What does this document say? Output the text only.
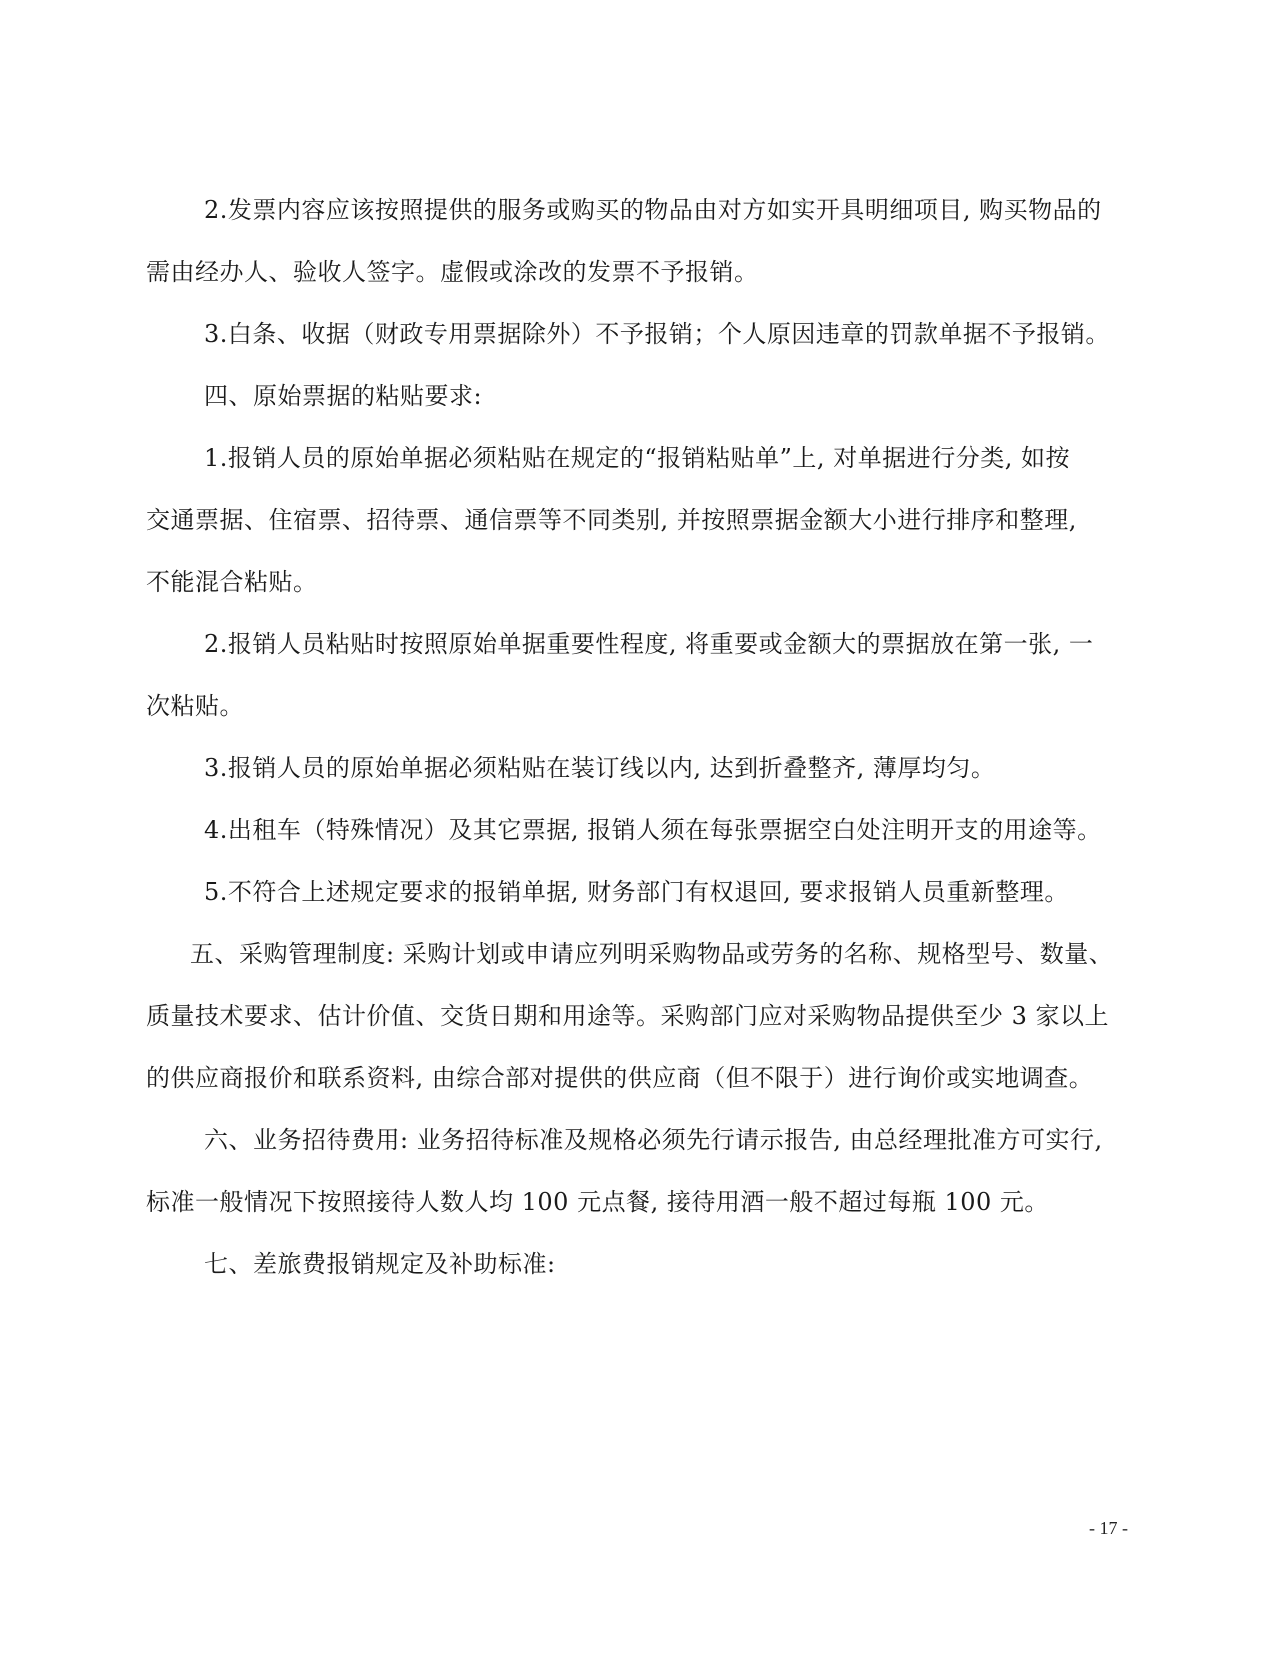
2.发票内容应该按照提供的服务或购买的物品由对方如实开具明细项目, 购买物品的
需由经办人、验收人签字。虚假或涂改的发票不予报销。
3.白条、收据（财政专用票据除外）不予报销；个人原因违章的罚款单据不予报销。
四、原始票据的粘贴要求:
1.报销人员的原始单据必须粘贴在规定的“报销粘贴单”上, 对单据进行分类, 如按
交通票据、住宿票、招待票、通信票等不同类别, 并按照票据金额大小进行排序和整理,
不能混合粘贴。
2.报销人员粘贴时按照原始单据重要性程度, 将重要或金额大的票据放在第一张, 一
次粘贴。
3.报销人员的原始单据必须粘贴在装订线以内, 达到折叠整齐, 薄厚均匀。
4.出租车（特殊情况）及其它票据, 报销人须在每张票据空白处注明开支的用途等。
5.不符合上述规定要求的报销单据, 财务部门有权退回, 要求报销人员重新整理。
五、采购管理制度: 采购计划或申请应列明采购物品或劳务的名称、规格型号、数量、
质量技术要求、估计价值、交货日期和用途等。采购部门应对采购物品提供至少 3 家以上
的供应商报价和联系资料, 由综合部对提供的供应商（但不限于）进行询价或实地调查。
六、业务招待费用: 业务招待标准及规格必须先行请示报告, 由总经理批准方可实行,
标准一般情况下按照接待人数人均 100 元点餐, 接待用酒一般不超过每瓶 100 元。
七、差旅费报销规定及补助标准:
- 17 -
